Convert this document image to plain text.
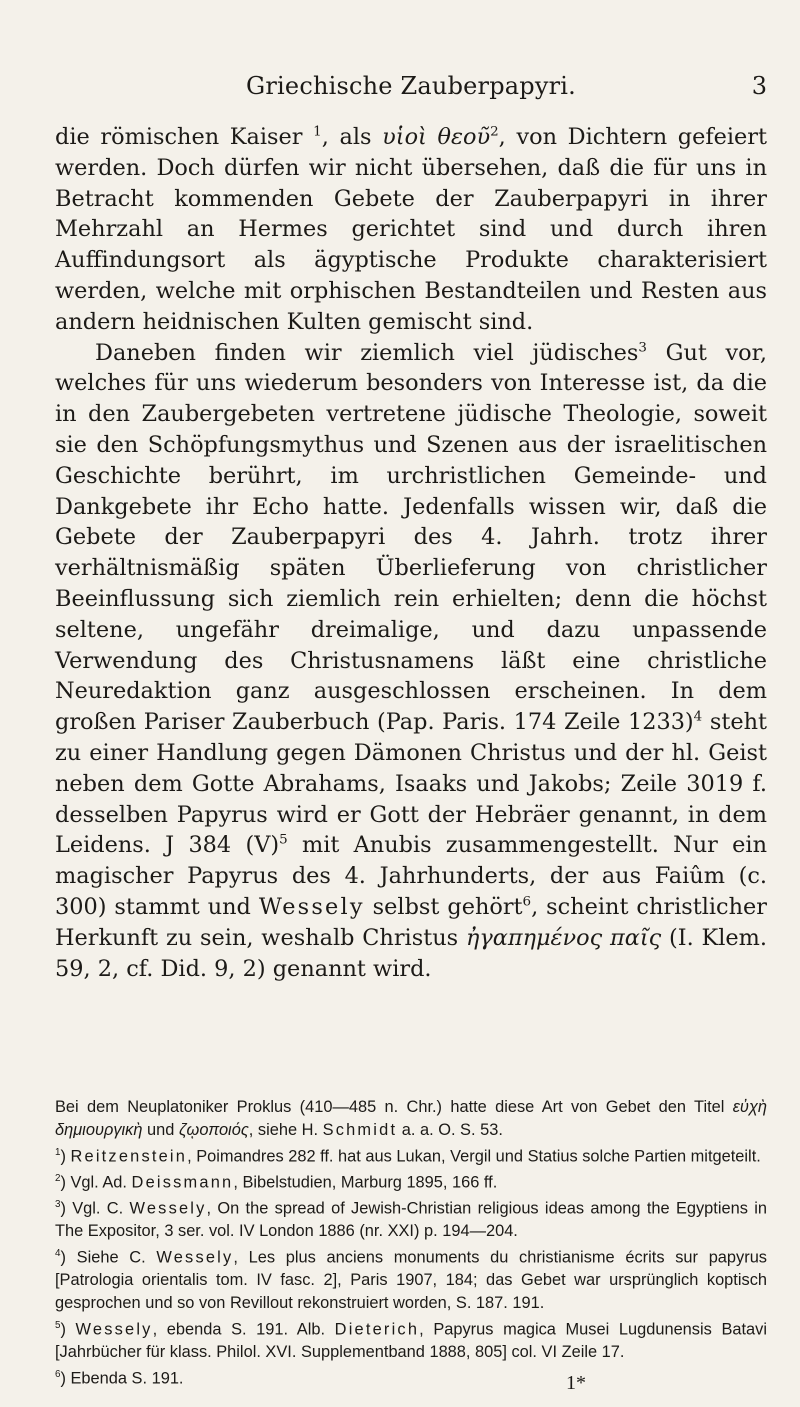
Griechische Zauberpapyri.	3

die römischen Kaiser $^1$, als υἱοὶ θεοῦ$^2$, von Dichtern gefeiert werden. Doch dürfen wir nicht übersehen, daß die für uns in Betracht kommenden Gebete der Zauberpapyri in ihrer Mehrzahl an Hermes gerichtet sind und durch ihren Auffindungsort als ägyptische Produkte charakterisiert werden, welche mit orphischen Bestandteilen und Resten aus andern heidnischen Kulten gemischt sind.

Daneben finden wir ziemlich viel jüdisches$^3$ Gut vor, welches für uns wiederum besonders von Interesse ist, da die in den Zaubergebeten vertretene jüdische Theologie, soweit sie den Schöpfungsmythus und Szenen aus der israelitischen Geschichte berührt, im urchristlichen Gemeinde- und Dankgebete ihr Echo hatte. Jedenfalls wissen wir, daß die Gebete der Zauberpapyri des 4. Jahrh. trotz ihrer verhältnismäßig späten Überlieferung von christlicher Beeinflussung sich ziemlich rein erhielten; denn die höchst seltene, ungefähr dreimalige, und dazu unpassende Verwendung des Christusnamens läßt eine christliche Neuredaktion ganz ausgeschlossen erscheinen. In dem großen Pariser Zauberbuch (Pap. Paris. 174 Zeile 1233)$^4$ steht zu einer Handlung gegen Dämonen Christus und der hl. Geist neben dem Gotte Abrahams, Isaaks und Jakobs; Zeile 3019 f. desselben Papyrus wird er Gott der Hebräer genannt, in dem Leidens. J 384 $(V)^5$ mit Anubis zusammengestellt. Nur ein magischer Papyrus des 4. Jahrhunderts, der aus Faiûm (c. 300) stammt und Wessely selbst gehört$^6$, scheint christlicher Herkunft zu sein, weshalb Christus ἠγαπημένος παῖς (I. Klem. 59, 2, cf. Did. 9, 2) genannt wird.

Bei dem Neuplatoniker Proklus (410—485 n. Chr.) hatte diese Art von Gebet den Titel εὐχὴ δημιουργικὴ und ζῳοποιός, siehe H. Schmidt a. a. O. S. 53.

$^1$) Reitzenstein, Poimandres 282 ff. hat aus Lukan, Vergil und Statius solche Partien mitgeteilt.

$^2$) Vgl. Ad. Deissmann, Bibelstudien, Marburg 1895, 166 ff.

$^3$) Vgl. C. Wessely, On the spread of Jewish-Christian religious ideas among the Egyptiens in The Expositor, 3 ser. vol. IV London 1886 (nr. XXI) p. 194—204.

$^4$) Siehe C. Wessely, Les plus anciens monuments du christianisme écrits sur papyrus [Patrologia orientalis tom. IV fasc. 2], Paris 1907, 184; das Gebet war ursprünglich koptisch gesprochen und so von Revillout rekonstruiert worden, S. 187. 191.

$^5$) Wessely, ebenda S. 191. Alb. Dieterich, Papyrus magica Musei Lugdunensis Batavi [Jahrbücher für klass. Philol. XVI. Supplementband 1888, 805] col. VI Zeile 17.

$^6$) Ebenda S. 191.	1*
